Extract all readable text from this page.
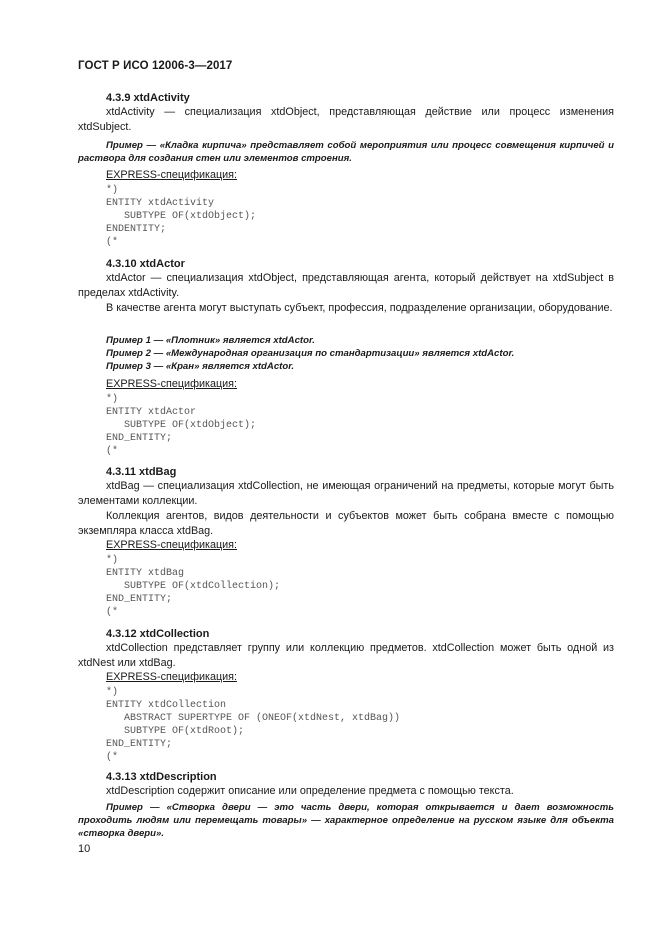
ГОСТ Р ИСО 12006-3—2017
4.3.9 xtdActivity
xtdActivity — специализация xtdObject, представляющая действие или процесс изменения xtdSubject.
Пример — «Кладка кирпича» представляет собой мероприятия или процесс совмещения кирпичей и раствора для создания стен или элементов строения.
EXPRESS-спецификация:
*)
ENTITY xtdActivity
SUBTYPE OF(xtdObject);
ENDENTITY;
(*
4.3.10 xtdActor
xtdActor — специализация xtdObject, представляющая агента, который действует на xtdSubject в пределах xtdActivity.
В качестве агента могут выступать субъект, профессия, подразделение организации, оборудование.
Пример 1 — «Плотник» является xtdActor.
Пример 2 — «Международная организация по стандартизации» является xtdActor.
Пример 3 — «Кран» является xtdActor.
EXPRESS-спецификация:
*)
ENTITY xtdActor
SUBTYPE OF(xtdObject);
END_ENTITY;
(*
4.3.11 xtdBag
xtdBag — специализация xtdCollection, не имеющая ограничений на предметы, которые могут быть элементами коллекции.
Коллекция агентов, видов деятельности и субъектов может быть собрана вместе с помощью экземпляра класса xtdBag.
EXPRESS-спецификация:
*)
ENTITY xtdBag
SUBTYPE OF(xtdCollection);
END_ENTITY;
(*
4.3.12 xtdCollection
xtdCollection представляет группу или коллекцию предметов. xtdCollection может быть одной из xtdNest или xtdBag.
EXPRESS-спецификация:
*)
ENTITY xtdCollection
ABSTRACT SUPERTYPE OF (ONEOF(xtdNest, xtdBag))
SUBTYPE OF(xtdRoot);
END_ENTITY;
(*
4.3.13 xtdDescription
xtdDescription содержит описание или определение предмета с помощью текста.
Пример — «Створка двери — это часть двери, которая открывается и дает возможность проходить людям или перемещать товары» — характерное определение на русском языке для объекта «створка двери».
10
